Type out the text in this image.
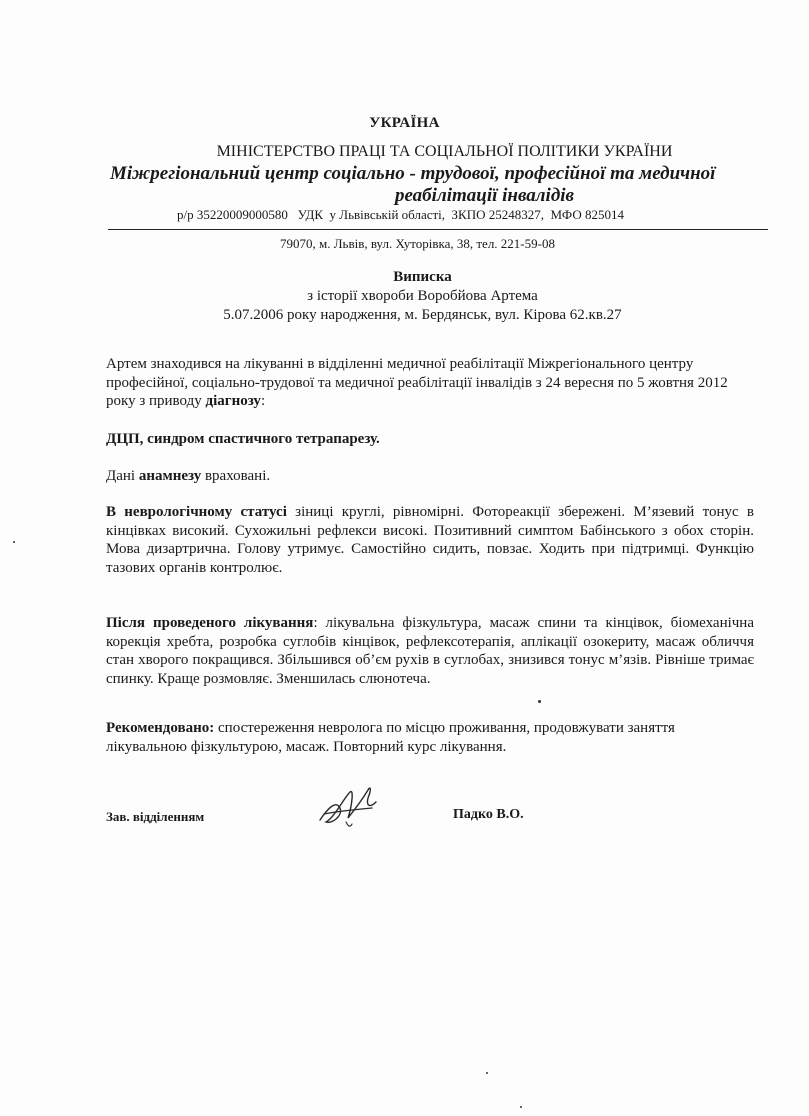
УКРАЇНА
МІНІСТЕРСТВО ПРАЦІ ТА СОЦІАЛЬНОЇ ПОЛІТИКИ УКРАЇНИ
Міжрегіональний центр соціально - трудової, професійної та медичної
реабілітації інвалідів
р/р 35220009000580   УДК  у Львівській області,  ЗКПО 25248327,  МФО 825014
79070, м. Львів, вул. Хуторівка, 38, тел. 221-59-08
Виписка
з історії хвороби Воробйова Артема
5.07.2006 року народження, м. Бердянськ, вул. Кірова 62.кв.27
Артем знаходився на лікуванні в відділенні медичної реабілітації Міжрегіонального центру професійної, соціально-трудової та медичної реабілітації інвалідів з 24 вересня по 5 жовтня 2012 року з приводу діагнозу:
ДЦП, синдром спастичного тетрапарезу.
Дані анамнезу враховані.
В неврологічному статусі зіниці круглі, рівномірні. Фотореакції збережені. М’язевий тонус в кінцівках високий. Сухожильні рефлекси високі. Позитивний симптом Бабінського з обох сторін. Мова дизартрична. Голову утримує. Самостійно сидить, повзає. Ходить при підтримці. Функцію тазових органів контролює.
Після проведеного лікування: лікувальна фізкультура, масаж спини та кінцівок, біомеханічна корекція хребта, розробка суглобів кінцівок, рефлексотерапія, аплікації озокериту, масаж обличчя стан хворого покращився. Збільшився об’єм рухів в суглобах, знизився тонус м’язів. Рівніше тримає спинку. Краще розмовляє. Зменшилась слюнотеча.
Рекомендовано: спостереження невролога по місцю проживання, продовжувати заняття лікувальною фізкультурою, масаж. Повторний курс лікування.
Зав. відділенням	Падко В.О.
